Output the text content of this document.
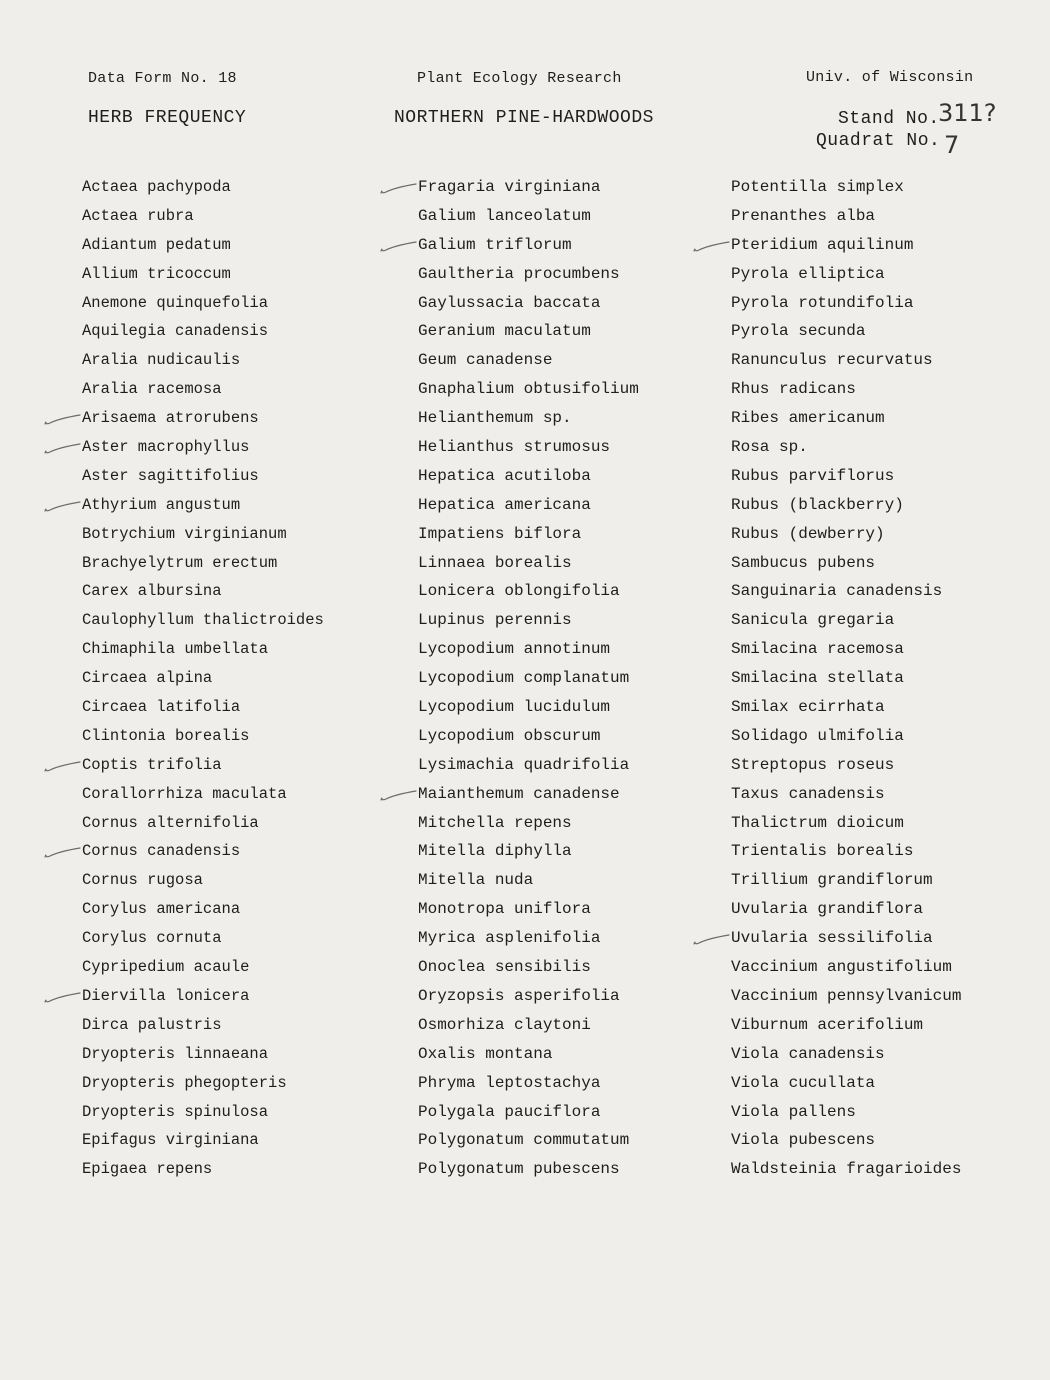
Data Form No. 18	Plant Ecology Research	Univ. of Wisconsin
HERB FREQUENCY	NORTHERN PINE-HARDWOODS	Stand No.
311?
Quadrat No. 7
Actaea pachypoda
Actaea rubra
Adiantum pedatum
Allium tricoccum
Anemone quinquefolia
Aquilegia canadensis
Aralia nudicaulis
Aralia racemosa
Arisaema atrorubens
Aster macrophyllus
Aster sagittifolius
Athyrium angustum
Botrychium virginianum
Brachyelytrum erectum
Carex albursina
Caulophyllum thalictroides
Chimaphila umbellata
Circaea alpina
Circaea latifolia
Clintonia borealis
Coptis trifolia
Corallorrhiza maculata
Cornus alternifolia
Cornus canadensis
Cornus rugosa
Corylus americana
Corylus cornuta
Cypripedium acaule
Diervilla lonicera
Dirca palustris
Dryopteris linnaeana
Dryopteris phegopteris
Dryopteris spinulosa
Epifagus virginiana
Epigaea repens
Fragaria virginiana
Galium lanceolatum
Galium triflorum
Gaultheria procumbens
Gaylussacia baccata
Geranium maculatum
Geum canadense
Gnaphalium obtusifolium
Helianthemum sp.
Helianthus strumosus
Hepatica acutiloba
Hepatica americana
Impatiens biflora
Linnaea borealis
Lonicera oblongifolia
Lupinus perennis
Lycopodium annotinum
Lycopodium complanatum
Lycopodium lucidulum
Lycopodium obscurum
Lysimachia quadrifolia
Maianthemum canadense
Mitchella repens
Mitella diphylla
Mitella nuda
Monotropa uniflora
Myrica asplenifolia
Onoclea sensibilis
Oryzopsis asperifolia
Osmorhiza claytoni
Oxalis montana
Phryma leptostachya
Polygala pauciflora
Polygonatum commutatum
Polygonatum pubescens
Potentilla simplex
Prenanthes alba
Pteridium aquilinum
Pyrola elliptica
Pyrola rotundifolia
Pyrola secunda
Ranunculus recurvatus
Rhus radicans
Ribes americanum
Rosa sp.
Rubus parviflorus
Rubus (blackberry)
Rubus (dewberry)
Sambucus pubens
Sanguinaria canadensis
Sanicula gregaria
Smilacina racemosa
Smilacina stellata
Smilax ecirrhata
Solidago ulmifolia
Streptopus roseus
Taxus canadensis
Thalictrum dioicum
Trientalis borealis
Trillium grandiflorum
Uvularia grandiflora
Uvularia sessilifolia
Vaccinium angustifolium
Vaccinium pennsylvanicum
Viburnum acerifolium
Viola canadensis
Viola cucullata
Viola pallens
Viola pubescens
Waldsteinia fragarioides
